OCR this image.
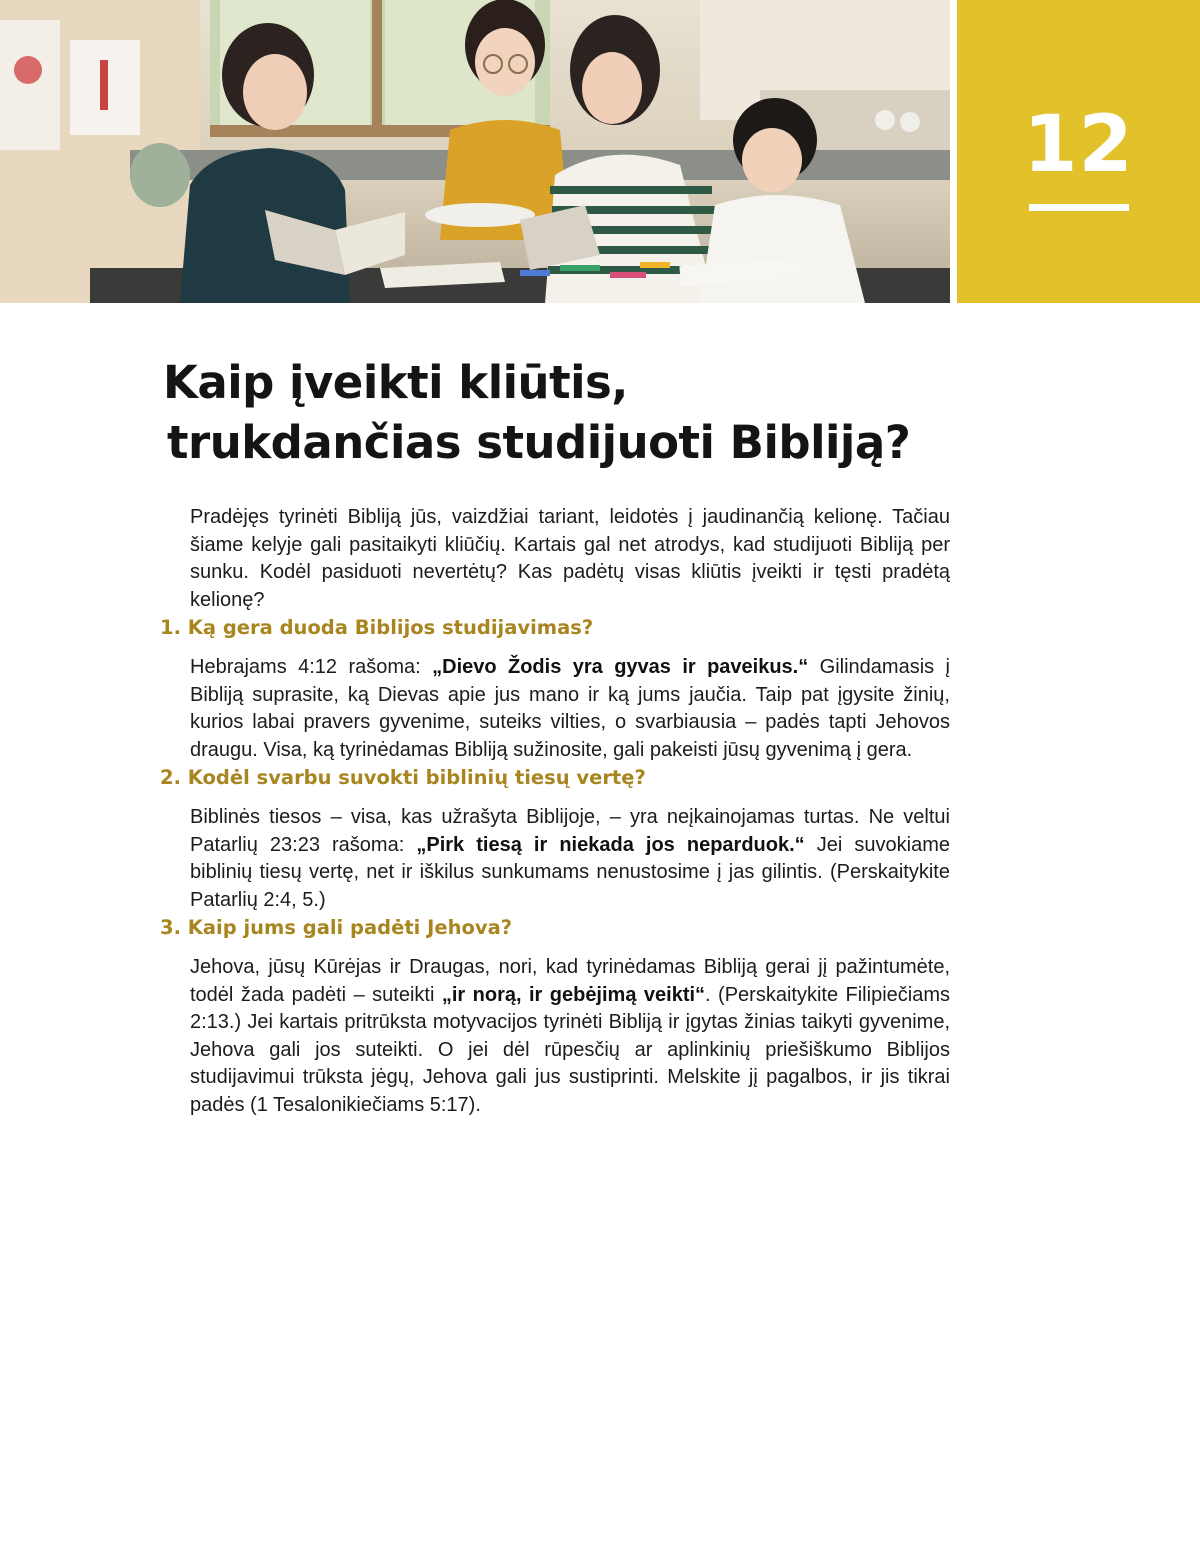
12
Kaip įveikti kliūtis,
trukdančias studijuoti Bibliją?

Pradėjęs tyrinėti Bibliją jūs, vaizdžiai tariant, leidotės į jaudinančią kelionę. Tačiau šiame kelyje gali pasitaikyti kliūčių. Kartais gal net atrodys, kad studijuoti Bibliją per sunku. Kodėl pasiduoti nevertėtų? Kas padėtų visas kliūtis įveikti ir tęsti pradėtą kelionę?

1. Ką gera duoda Biblijos studijavimas?

Hebrajams 4:12 rašoma: „Dievo Žodis yra gyvas ir paveikus.“ Gilindamasis į Bibliją suprasite, ką Dievas apie jus mano ir ką jums jaučia. Taip pat įgysite žinių, kurios labai pravers gyvenime, suteiks vilties, o svarbiausia – padės tapti Jehovos draugu. Visa, ką tyrinėdamas Bibliją sužinosite, gali pakeisti jūsų gyvenimą į gera.

2. Kodėl svarbu suvokti biblinių tiesų vertę?

Biblinės tiesos – visa, kas užrašyta Biblijoje, – yra neįkainojamas turtas. Ne veltui Patarlių 23:23 rašoma: „Pirk tiesą ir niekada jos neparduok.“ Jei suvokiame biblinių tiesų vertę, net ir iškilus sunkumams nenustosime į jas gilintis. (Perskaitykite Patarlių 2:4, 5.)

3. Kaip jums gali padėti Jehova?

Jehova, jūsų Kūrėjas ir Draugas, nori, kad tyrinėdamas Bibliją gerai jį pažintumėte, todėl žada padėti – suteikti „ir norą, ir gebėjimą veikti“. (Perskaitykite Filipiečiams 2:13.) Jei kartais pritrūksta motyvacijos tyrinėti Bibliją ir įgytas žinias taikyti gyvenime, Jehova gali jos suteikti. O jei dėl rūpesčių ar aplinkinių priešiškumo Biblijos studijavimui trūksta jėgų, Jehova gali jus sustiprinti. Melskite jį pagalbos, ir jis tikrai padės (1 Tesalonikiečiams 5:17).
